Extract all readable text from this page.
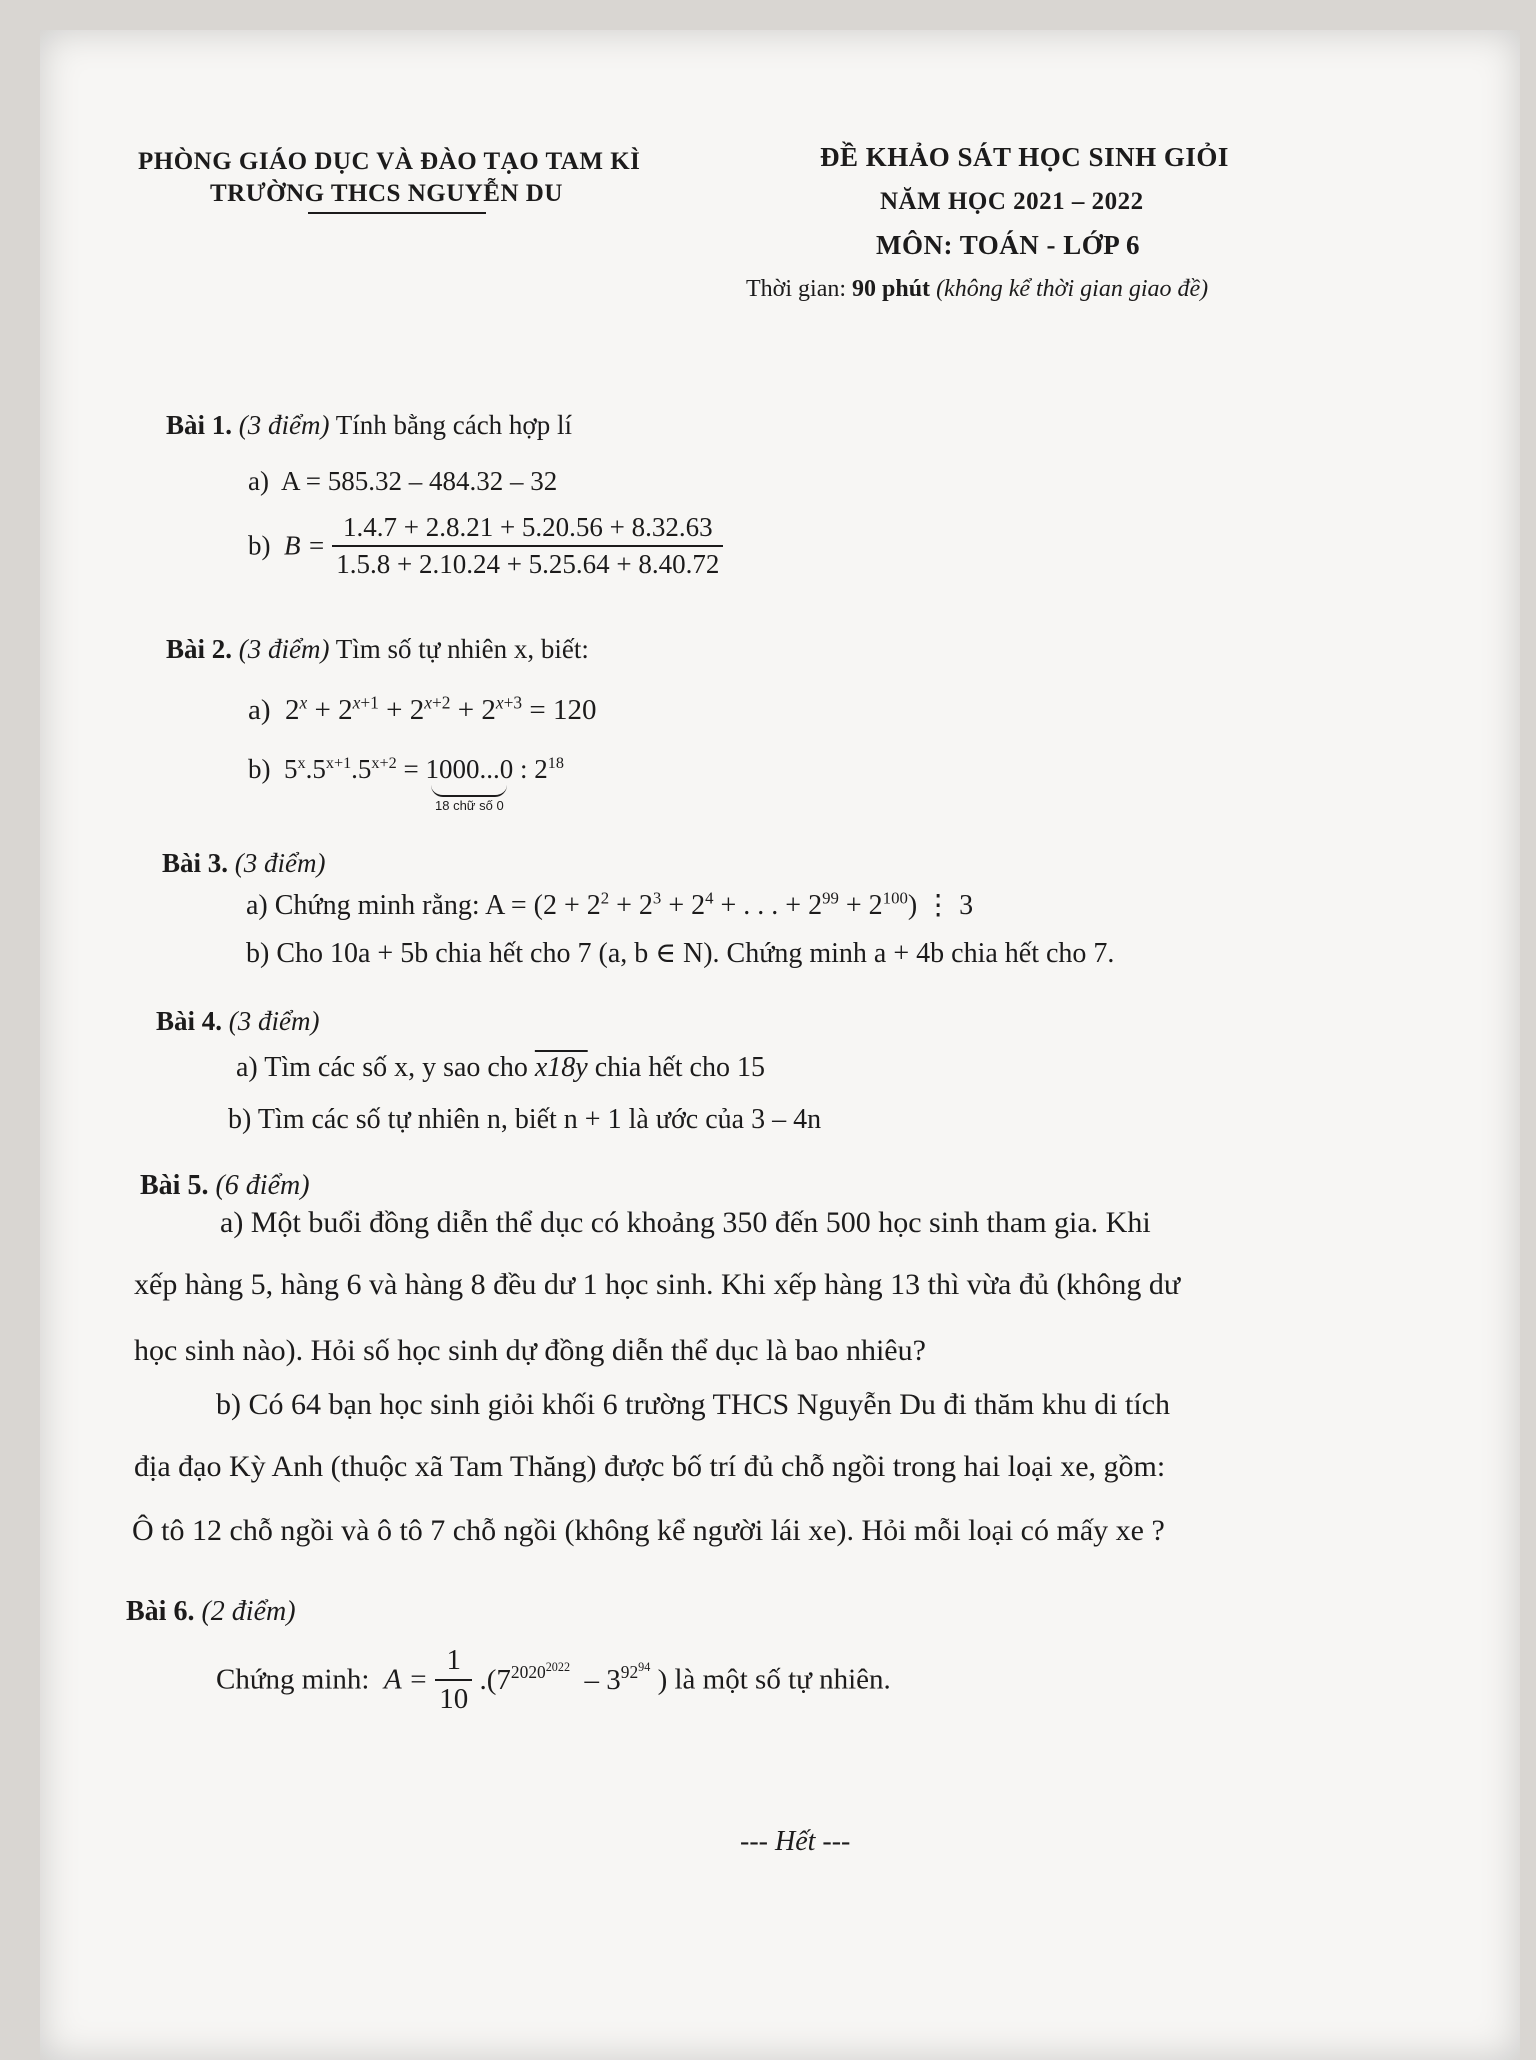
PHÒNG GIÁO DỤC VÀ ĐÀO TẠO TAM KÌ
TRƯỜNG THCS NGUYỄN DU
ĐỀ KHẢO SÁT HỌC SINH GIỎI
NĂM HỌC 2021 – 2022
MÔN: TOÁN - LỚP 6
Thời gian: 90 phút (không kể thời gian giao đề)
Bài 1. (3 điểm) Tính bằng cách hợp lí
a) A = 585.32 – 484.32 – 32
b) $B = \frac{1.4.7 + 2.8.21 + 5.20.56 + 8.32.63}{1.5.8 + 2.10.24 + 5.25.64 + 8.40.72}$
Bài 2. (3 điểm) Tìm số tự nhiên x, biết:
a) $2^x + 2^{x+1} + 2^{x+2} + 2^{x+3} = 120$
b) $5^x.5^{x+1}.5^{x+2} = 1000...0$
18 chữ số 0
: $2^{18}$
Bài 3. (3 điểm)
a) Chứng minh rằng: $A = (2 + 2^2 + 2^3 + 2^4$ + . . . + $2^{99} + 2^{100}$) ⋮ 3
b) Cho 10a + 5b chia hết cho 7 (a, b ∈ N). Chứng minh a + 4b chia hết cho 7.
Bài 4. (3 điểm)
a) Tìm các số x, y sao cho x18y chia hết cho 15
b) Tìm các số tự nhiên n, biết n + 1 là ước của 3 – 4n
Bài 5. (6 điểm)
a) Một buổi đồng diễn thể dục có khoảng 350 đến 500 học sinh tham gia. Khi
xếp hàng 5, hàng 6 và hàng 8 đều dư 1 học sinh. Khi xếp hàng 13 thì vừa đủ (không dư
học sinh nào). Hỏi số học sinh dự đồng diễn thể dục là bao nhiêu?
b) Có 64 bạn học sinh giỏi khối 6 trường THCS Nguyễn Du đi thăm khu di tích
địa đạo Kỳ Anh (thuộc xã Tam Thăng) được bố trí đủ chỗ ngồi trong hai loại xe, gồm:
Ô tô 12 chỗ ngồi và ô tô 7 chỗ ngồi (không kể người lái xe). Hỏi mỗi loại có mấy xe ?
Bài 6. (2 điểm)
Chứng minh: $A = \frac{1}{10} .(7^{2020^{2022}} - 3^{92^{94}}$ ) là một số tự nhiên.
--- Hết ---
